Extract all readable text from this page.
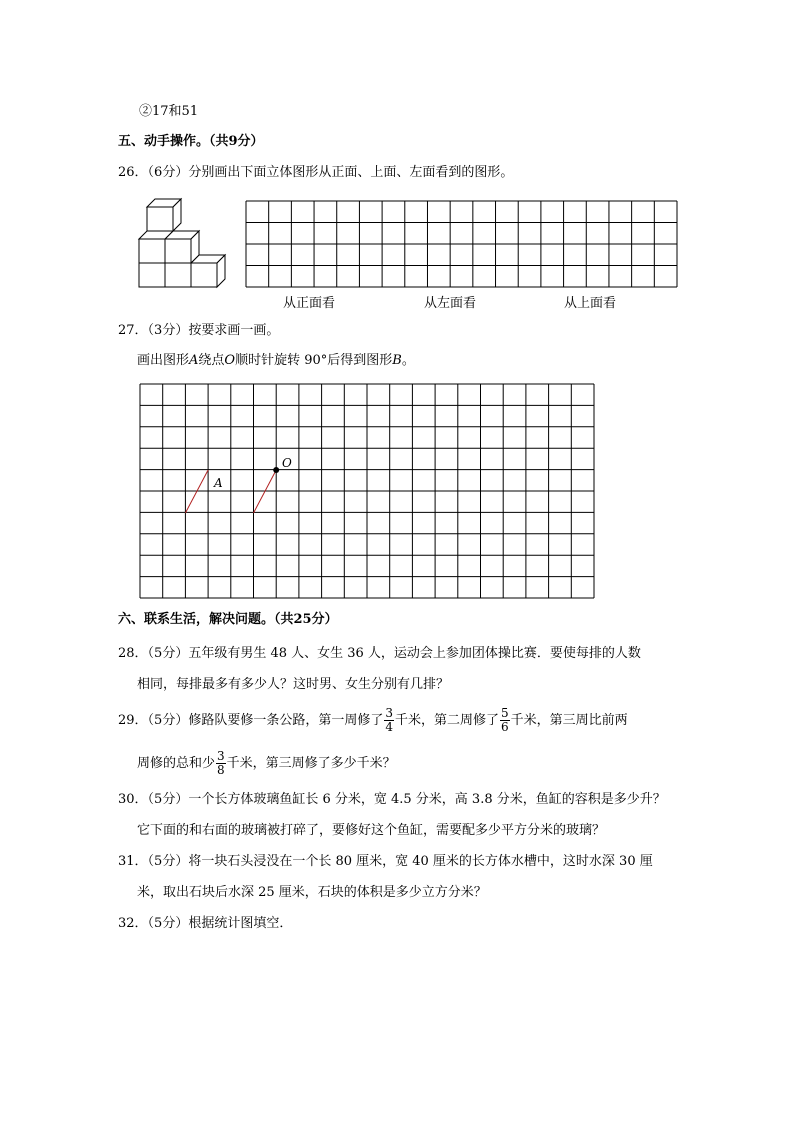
②17和51
五、动手操作。（共9分）
26．（6分）分别画出下面立体图形从正面、上面、左面看到的图形。
从正面看	从左面看	从上面看
27．（3分）按要求画一画。
画出图形A绕点O顺时针旋转 90°后得到图形B。
O
A
六、联系生活，解决问题。（共25分）
28．（5分）五年级有男生 48 人、女生 36 人，运动会上参加团体操比赛．要使每排的人数
相同，每排最多有多少人？这时男、女生分别有几排？
29．（5分）修路队要修一条公路，第一周修了 $\frac{3}{4}$ 千米，第二周修了 $\frac{5}{6}$ 千米，第三周比前两
周修的总和少 $\frac{3}{8}$ 千米，第三周修了多少千米？
30．（5分）一个长方体玻璃鱼缸长 6 分米，宽 4.5 分米，高 3.8 分米，鱼缸的容积是多少升？
它下面的和右面的玻璃被打碎了，要修好这个鱼缸，需要配多少平方分米的玻璃？
31．（5分）将一块石头浸没在一个长 80 厘米，宽 40 厘米的长方体水槽中，这时水深 30 厘
米，取出石块后水深 25 厘米，石块的体积是多少立方分米？
32．（5分）根据统计图填空．
